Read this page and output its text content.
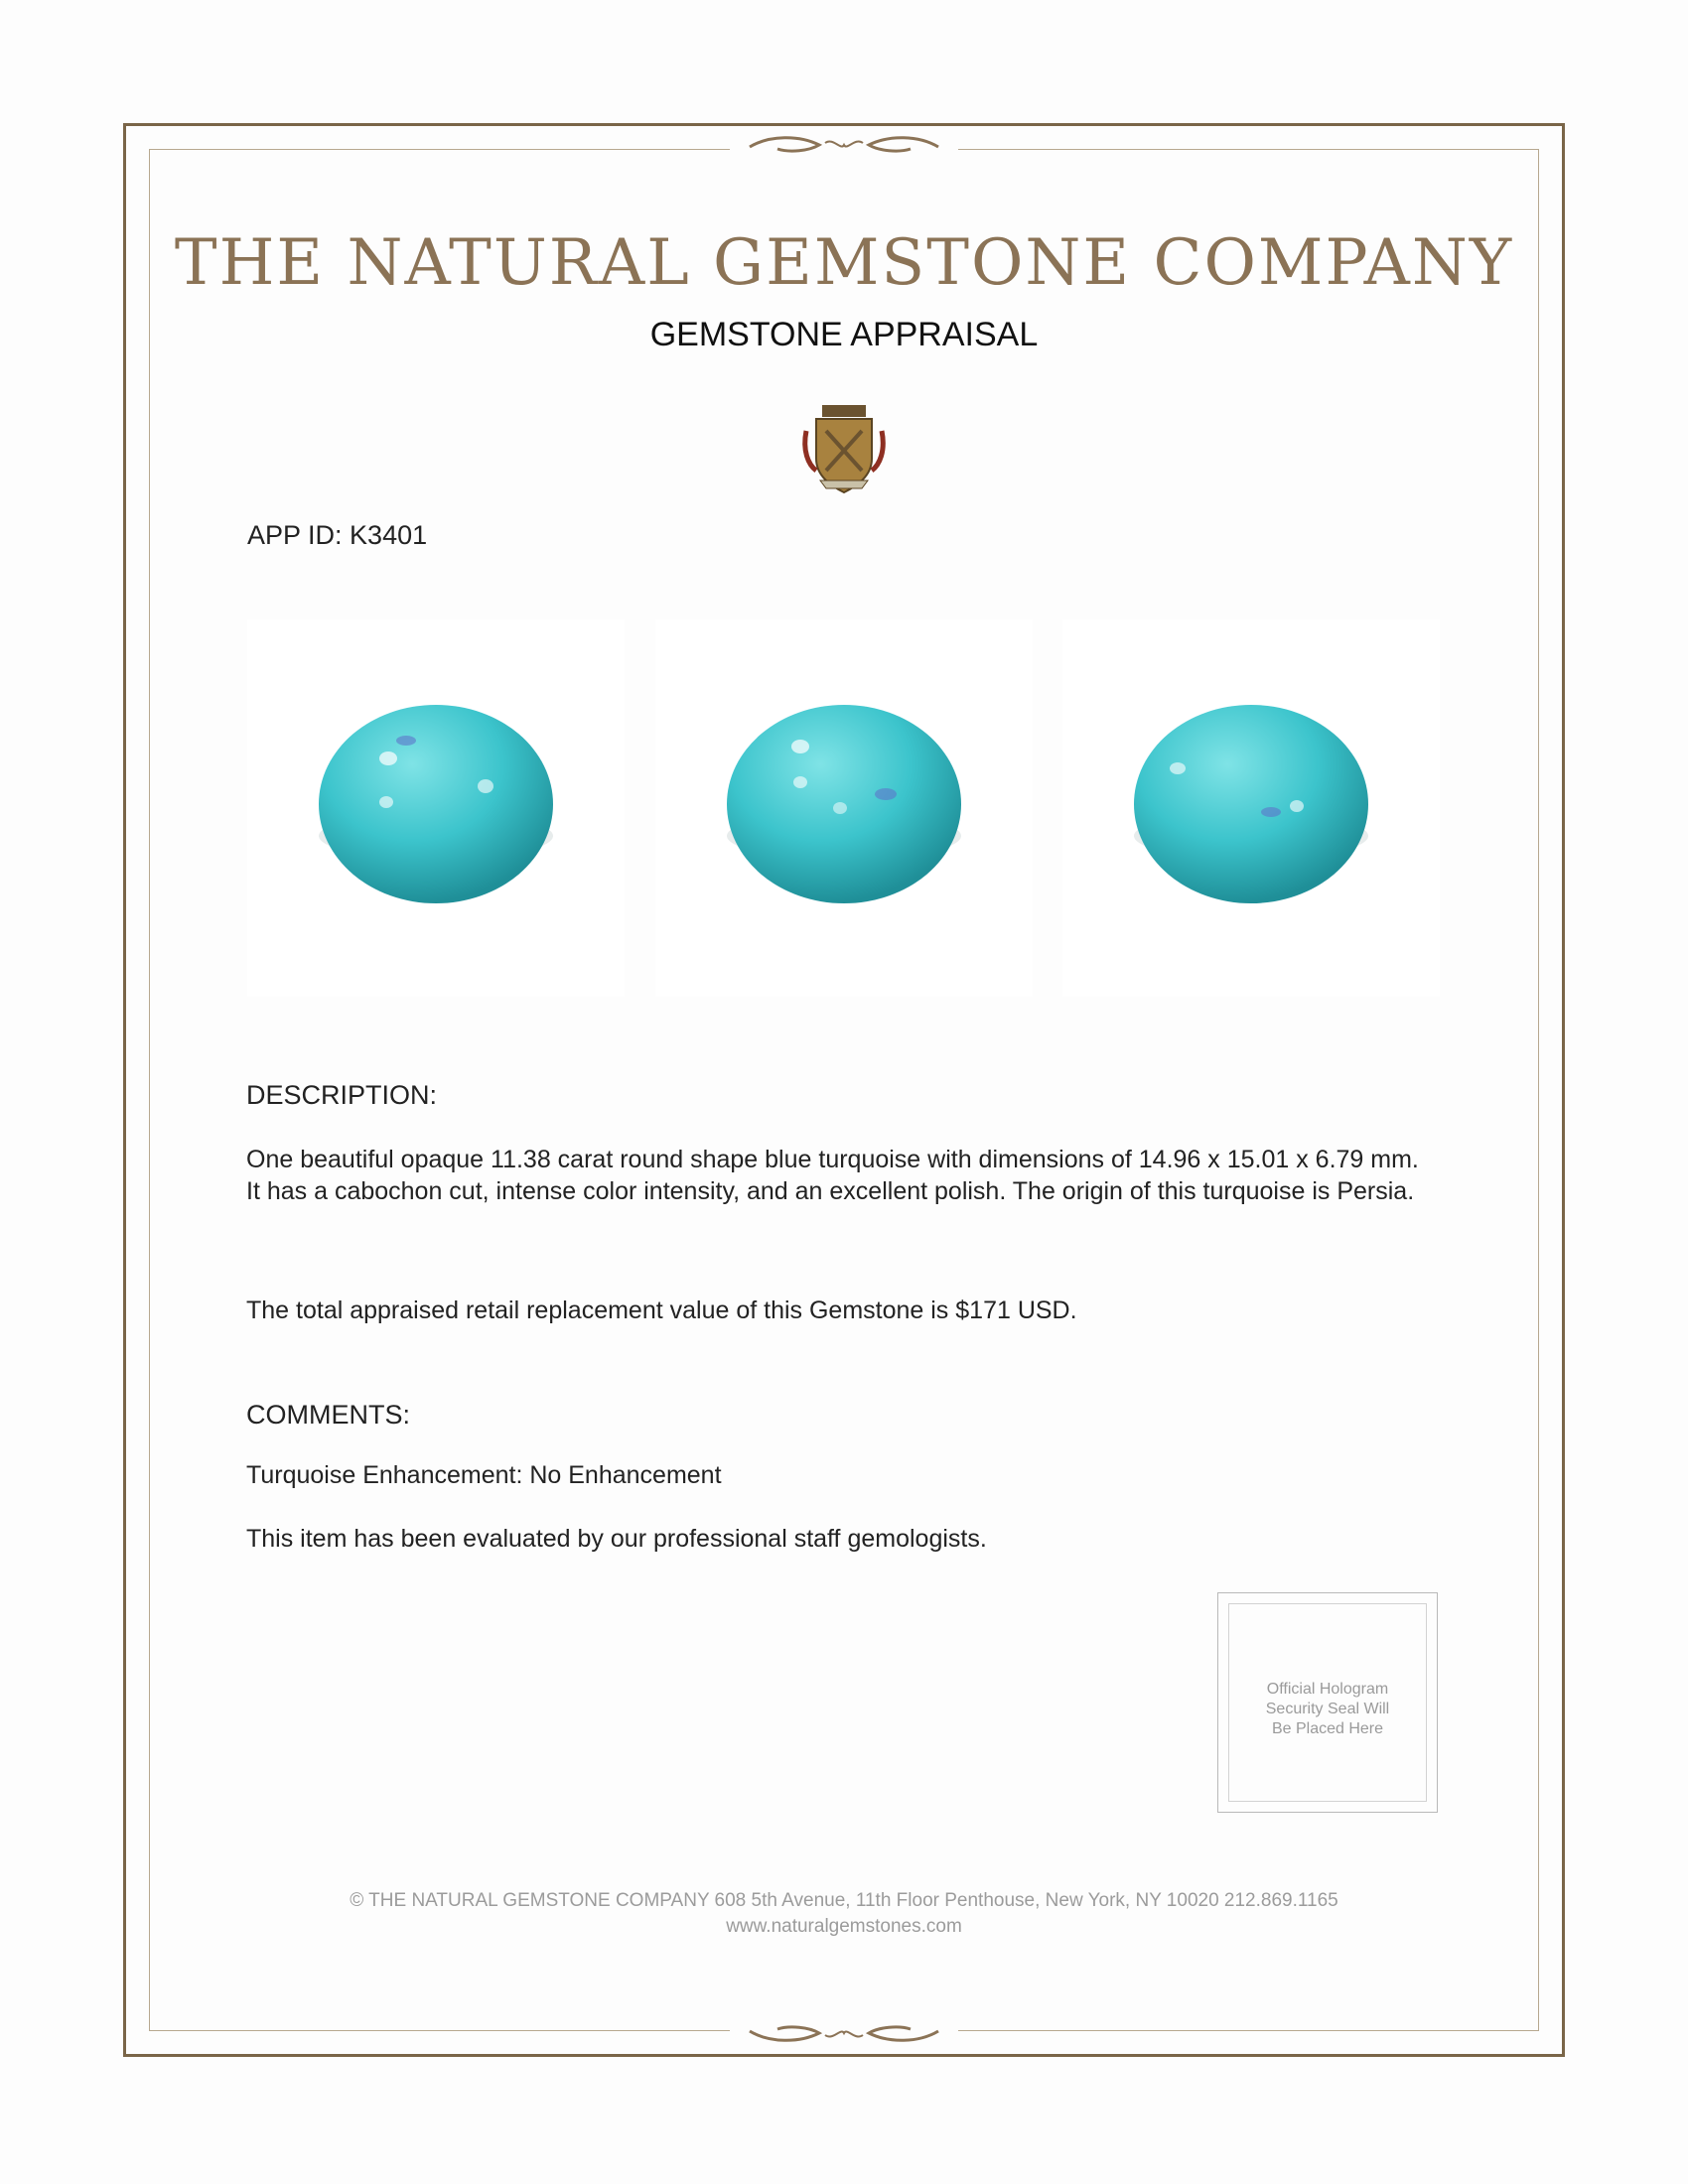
THE NATURAL GEMSTONE COMPANY
GEMSTONE APPRAISAL
APP ID: K3401
DESCRIPTION:
One beautiful opaque 11.38 carat round shape blue turquoise with dimensions of 14.96 x 15.01 x 6.79 mm. It has a cabochon cut, intense color intensity, and an excellent polish. The origin of this turquoise is Persia.
The total appraised retail replacement value of this Gemstone is $171 USD.
COMMENTS:
Turquoise Enhancement: No Enhancement
This item has been evaluated by our professional staff gemologists.
Official Hologram
Security Seal Will
Be Placed Here
© THE NATURAL GEMSTONE COMPANY 608 5th Avenue, 11th Floor Penthouse, New York, NY 10020 212.869.1165
www.naturalgemstones.com
